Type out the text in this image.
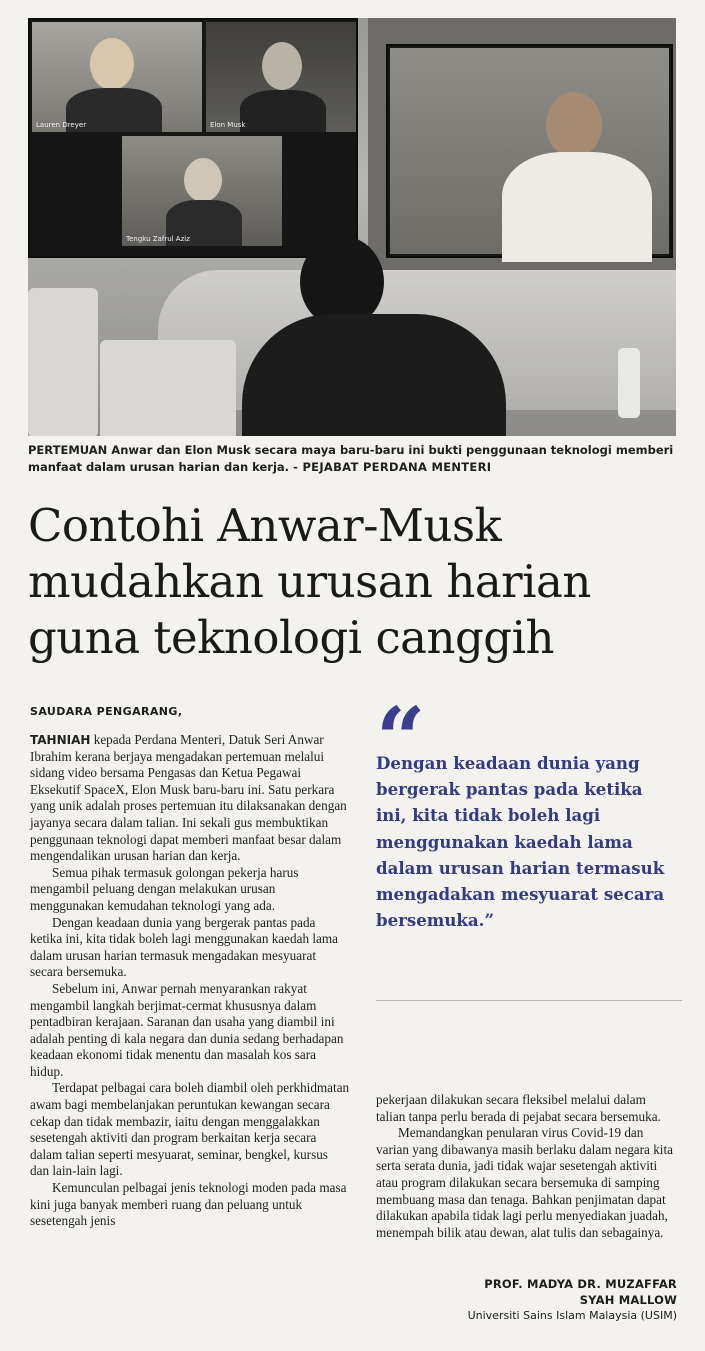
Lauren Dreyer	Elon Musk
Tengku Zafrul Aziz
PERTEMUAN Anwar dan Elon Musk secara maya baru-baru ini bukti penggunaan teknologi memberi manfaat dalam urusan harian dan kerja. - PEJABAT PERDANA MENTERI
Contohi Anwar-Musk
mudahkan urusan harian
guna teknologi canggih
SAUDARA PENGARANG,

TAHNIAH kepada Perdana Menteri, Datuk Seri Anwar Ibrahim kerana berjaya mengadakan pertemuan melalui sidang video bersama Pengasas dan Ketua Pegawai Eksekutif SpaceX, Elon Musk baru-baru ini. Satu perkara yang unik adalah proses pertemuan itu dilaksanakan dengan jayanya secara dalam talian. Ini sekali gus membuktikan penggunaan teknologi dapat memberi manfaat besar dalam mengendalikan urusan harian dan kerja.

Semua pihak termasuk golongan pekerja harus mengambil peluang dengan melakukan urusan menggunakan kemudahan teknologi yang ada.

Dengan keadaan dunia yang bergerak pantas pada ketika ini, kita tidak boleh lagi menggunakan kaedah lama dalam urusan harian termasuk mengadakan mesyuarat secara bersemuka.

Sebelum ini, Anwar pernah menyarankan rakyat mengambil langkah berjimat-cermat khususnya dalam pentadbiran kerajaan. Saranan dan usaha yang diambil ini adalah penting di kala negara dan dunia sedang berhadapan keadaan ekonomi tidak menentu dan masalah kos sara hidup.

Terdapat pelbagai cara boleh diambil oleh perkhidmatan awam bagi membelanjakan peruntukan kewangan secara cekap dan tidak membazir, iaitu dengan menggalakkan sesetengah aktiviti dan program berkaitan kerja secara dalam talian seperti mesyuarat, seminar, bengkel, kursus dan lain-lain lagi.

Kemunculan pelbagai jenis teknologi moden pada masa kini juga banyak memberi ruang dan peluang untuk sesetengah jenis

“
Dengan keadaan dunia yang bergerak pantas pada ketika ini, kita tidak boleh lagi menggunakan kaedah lama dalam urusan harian termasuk mengadakan mesyuarat secara bersemuka.”

pekerjaan dilakukan secara fleksibel melalui dalam talian tanpa perlu berada di pejabat secara bersemuka.

Memandangkan penularan virus Covid-19 dan varian yang dibawanya masih berlaku dalam negara kita serta serata dunia, jadi tidak wajar sesetengah aktiviti atau program dilakukan secara bersemuka di samping membuang masa dan tenaga. Bahkan penjimatan dapat dilakukan apabila tidak lagi perlu menyediakan juadah, menempah bilik atau dewan, alat tulis dan sebagainya.

PROF. MADYA DR. MUZAFFAR
SYAH MALLOW
Universiti Sains Islam Malaysia (USIM)
